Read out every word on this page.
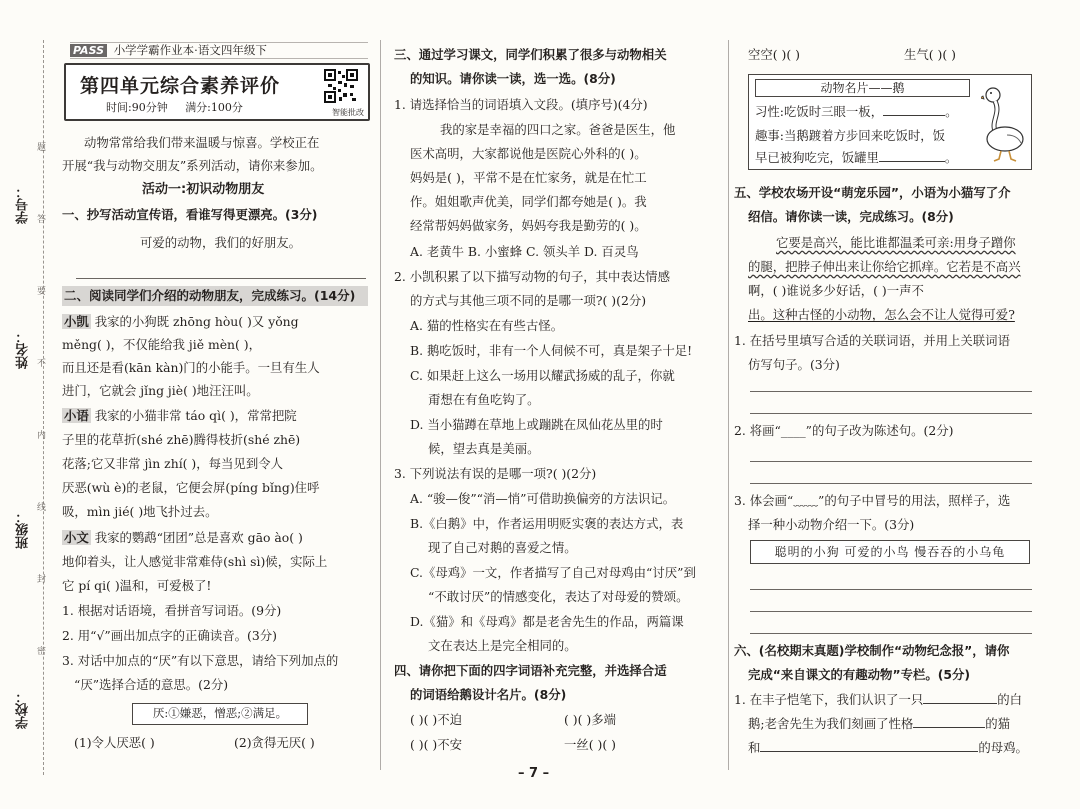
学校：
班级：
姓名：
学号：
题
答
要
不
内
线
封
密
PASS 小学学霸作业本·语文四年级下
第四单元综合素养评价
时间:90分钟 满分:100分	智能批改
动物常常给我们带来温暖与惊喜。学校正在
开展“我与动物交朋友”系列活动，请你来参加。
活动一:初识动物朋友
一、抄写活动宣传语，看谁写得更漂亮。(3分)
可爱的动物，我们的好朋友。
二、阅读同学们介绍的动物朋友，完成练习。(14分)
小凯 我家的小狗既 zhōng hòu( )又 yǒng
měng( )，不仅能给我 jiě mèn( )，
而且还是看(kān kàn)门的小能手。一旦有生人
进门，它就会 jǐng jiè( )地汪汪叫。
小语 我家的小猫非常 táo qì( )，常常把院
子里的花草折(shé zhē)腾得枝折(shé zhē)
花落;它又非常 jìn zhí( )，每当见到令人
厌恶(wù è)的老鼠，它便会屏(píng bǐng)住呼
吸，mìn jié( )地飞扑过去。
小文 我家的鹦鹉“团团”总是喜欢 gāo ào( )
地仰着头，让人感觉非常难侍(shì sì)候，实际上
它 pí qi( )温和，可爱极了!
1. 根据对话语境，看拼音写词语。(9分)
2. 用“√”画出加点字的正确读音。(3分)
3. 对话中加点的“厌”有以下意思，请给下列加点的
“厌”选择合适的意思。(2分)
厌:①嫌恶，憎恶;②满足。
(1)令人厌恶( )	(2)贪得无厌( )
三、通过学习课文，同学们积累了很多与动物相关
的知识。请你读一读，选一选。(8分)
1. 请选择恰当的词语填入文段。(填序号)(4分)
我的家是幸福的四口之家。爸爸是医生，他
医术高明，大家都说他是医院心外科的( )。
妈妈是( )，平常不是在忙家务，就是在忙工
作。姐姐歌声优美，同学们都夸她是( )。我
经常帮妈妈做家务，妈妈夸我是勤劳的( )。
A. 老黄牛 B. 小蜜蜂 C. 领头羊 D. 百灵鸟
2. 小凯积累了以下描写动物的句子，其中表达情感
的方式与其他三项不同的是哪一项?( )(2分)
A. 猫的性格实在有些古怪。
B. 鹅吃饭时，非有一个人伺候不可，真是架子十足!
C. 如果赶上这么一场用以耀武扬威的乱子，你就
甭想在有鱼吃钩了。
D. 当小猫蹲在草地上或蹦跳在凤仙花丛里的时
候，望去真是美丽。
3. 下列说法有误的是哪一项?( )(2分)
A. “骏—俊”“消—悄”可借助换偏旁的方法识记。
B.《白鹅》中，作者运用明贬实褒的表达方式，表
现了自己对鹅的喜爱之情。
C.《母鸡》一文，作者描写了自己对母鸡由“讨厌”到
“不敢讨厌”的情感变化，表达了对母爱的赞颂。
D.《猫》和《母鸡》都是老舍先生的作品，两篇课
文在表达上是完全相同的。
四、请你把下面的四字词语补充完整，并选择合适
的词语给鹅设计名片。(8分)
( )( )不迫	( )( )多端
( )( )不安	一丝( )( )
空空( )( )	生气( )( )
动物名片——鹅
习性:吃饭时三眼一板，	。
趣事:当鹅踱着方步回来吃饭时，饭
早已被狗吃完，饭罐里	。
五、学校农场开设“萌宠乐园”，小语为小猫写了介
绍信。请你读一读，完成练习。(8分)
它要是高兴，能比谁都温柔可亲:用身子蹭你
的腿，把脖子伸出来让你给它抓痒。它若是不高兴
啊，( )谁说多少好话，( )一声不
出。这种古怪的小动物，怎么会不让人觉得可爱?
1. 在括号里填写合适的关联词语，并用上关联词语
仿写句子。(3分)
2. 将画“____”的句子改为陈述句。(2分)
3. 体会画“﹏﹏”的句子中冒号的用法，照样子，选
择一种小动物介绍一下。(3分)
聪明的小狗 可爱的小鸟 慢吞吞的小乌龟
六、(名校期末真题)学校制作“动物纪念报”，请你
完成“来自课文的有趣动物”专栏。(5分)
1. 在丰子恺笔下，我们认识了一只	的白
鹅;老舍先生为我们刻画了性格	的猫
和	的母鸡。
– 7 –
